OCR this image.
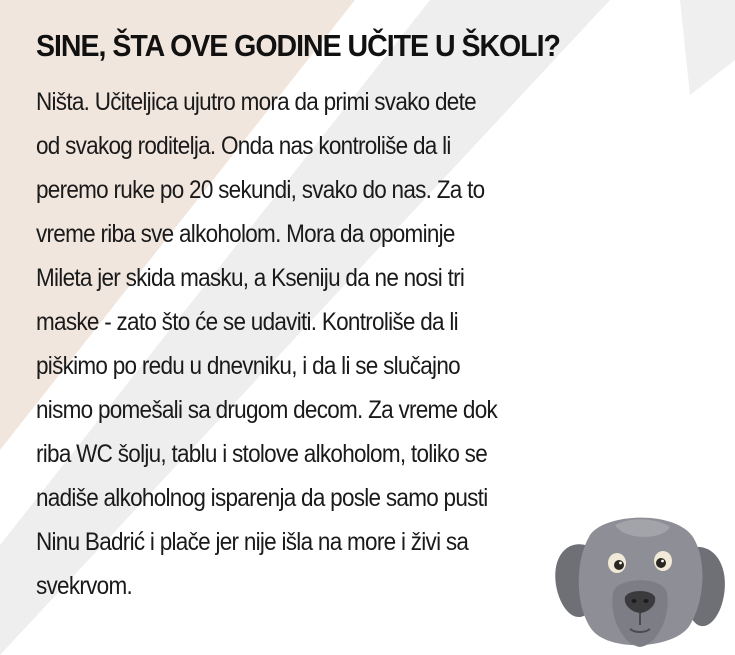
SINE, ŠTA OVE GODINE UČITE U ŠKOLI?

Ništa. Učiteljica ujutro mora da primi svako dete
od svakog roditelja. Onda nas kontroliše da li
peremo ruke po 20 sekundi, svako do nas. Za to
vreme riba sve alkoholom. Mora da opominje
Mileta jer skida masku, a Kseniju da ne nosi tri
maske - zato što će se udaviti. Kontroliše da li
piškimo po redu u dnevniku, i da li se slučajno
nismo pomešali sa drugom decom. Za vreme dok
riba WC šolju, tablu i stolove alkoholom, toliko se
nadiše alkoholnog isparenja da posle samo pusti
Ninu Badrić i plače jer nije išla na more i živi sa
svekrvom.
